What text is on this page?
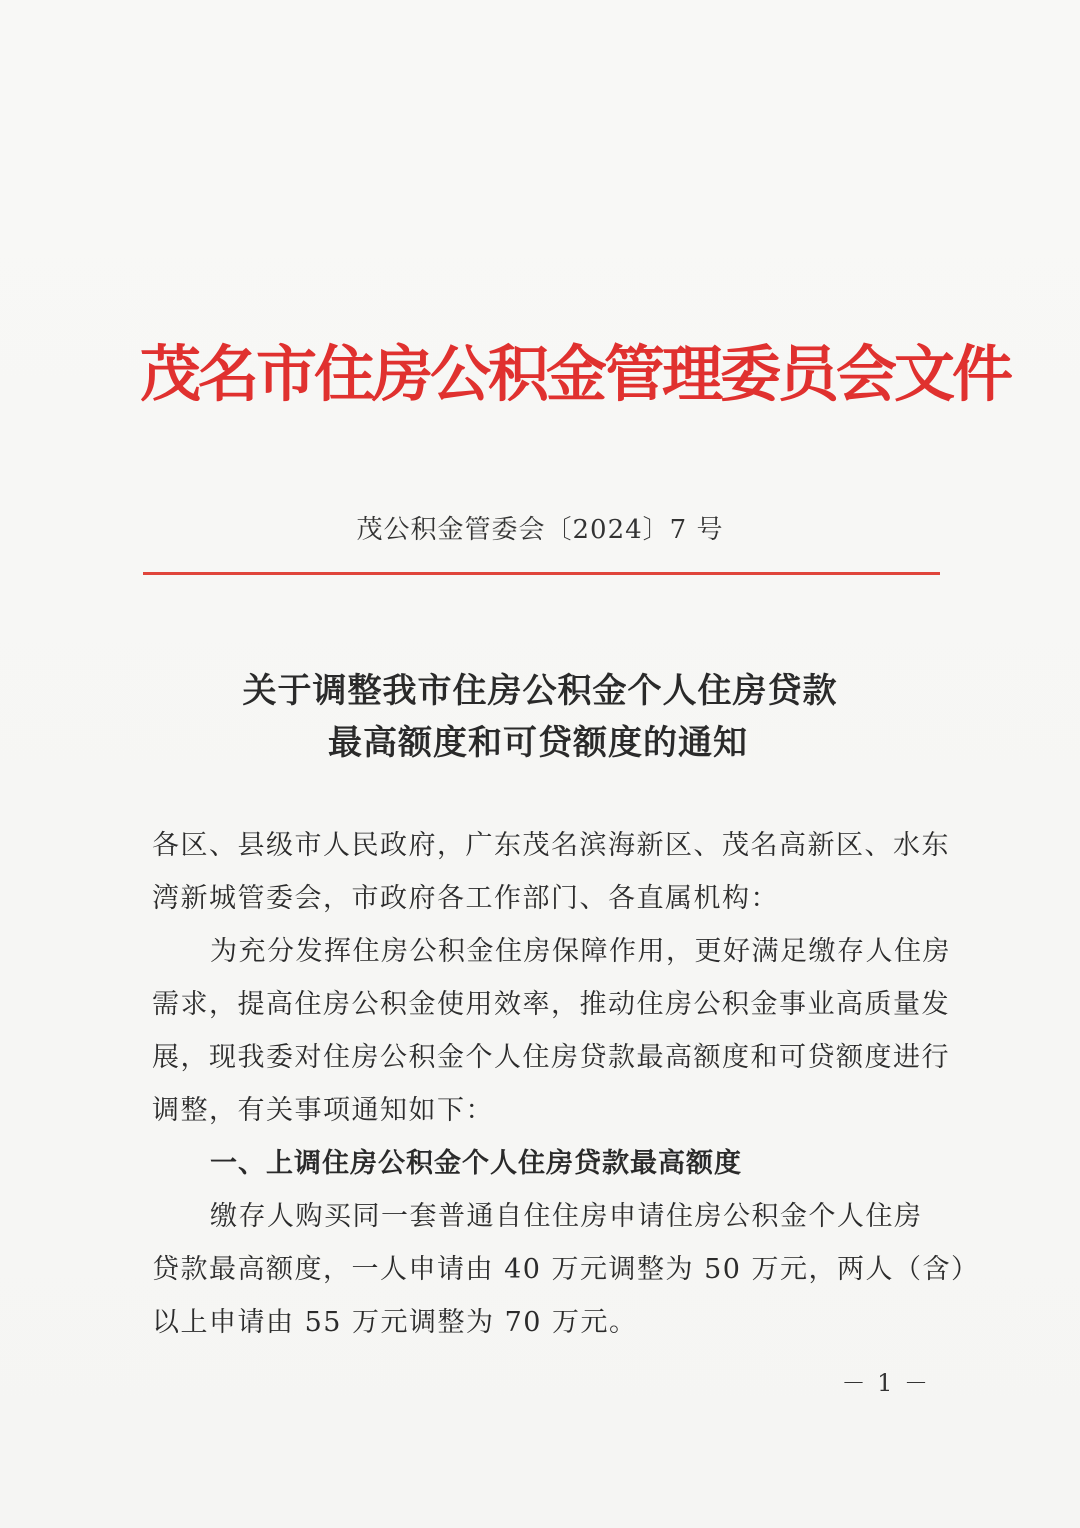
茂名市住房公积金管理委员会文件
茂公积金管委会〔2024〕7 号
关于调整我市住房公积金个人住房贷款
最高额度和可贷额度的通知
各区、县级市人民政府，广东茂名滨海新区、茂名高新区、水东
湾新城管委会，市政府各工作部门、各直属机构：
为充分发挥住房公积金住房保障作用，更好满足缴存人住房
需求，提高住房公积金使用效率，推动住房公积金事业高质量发
展，现我委对住房公积金个人住房贷款最高额度和可贷额度进行
调整，有关事项通知如下：
一、上调住房公积金个人住房贷款最高额度
缴存人购买同一套普通自住住房申请住房公积金个人住房
贷款最高额度，一人申请由 40 万元调整为 50 万元，两人（含）
以上申请由 55 万元调整为 70 万元。
－ 1 －
